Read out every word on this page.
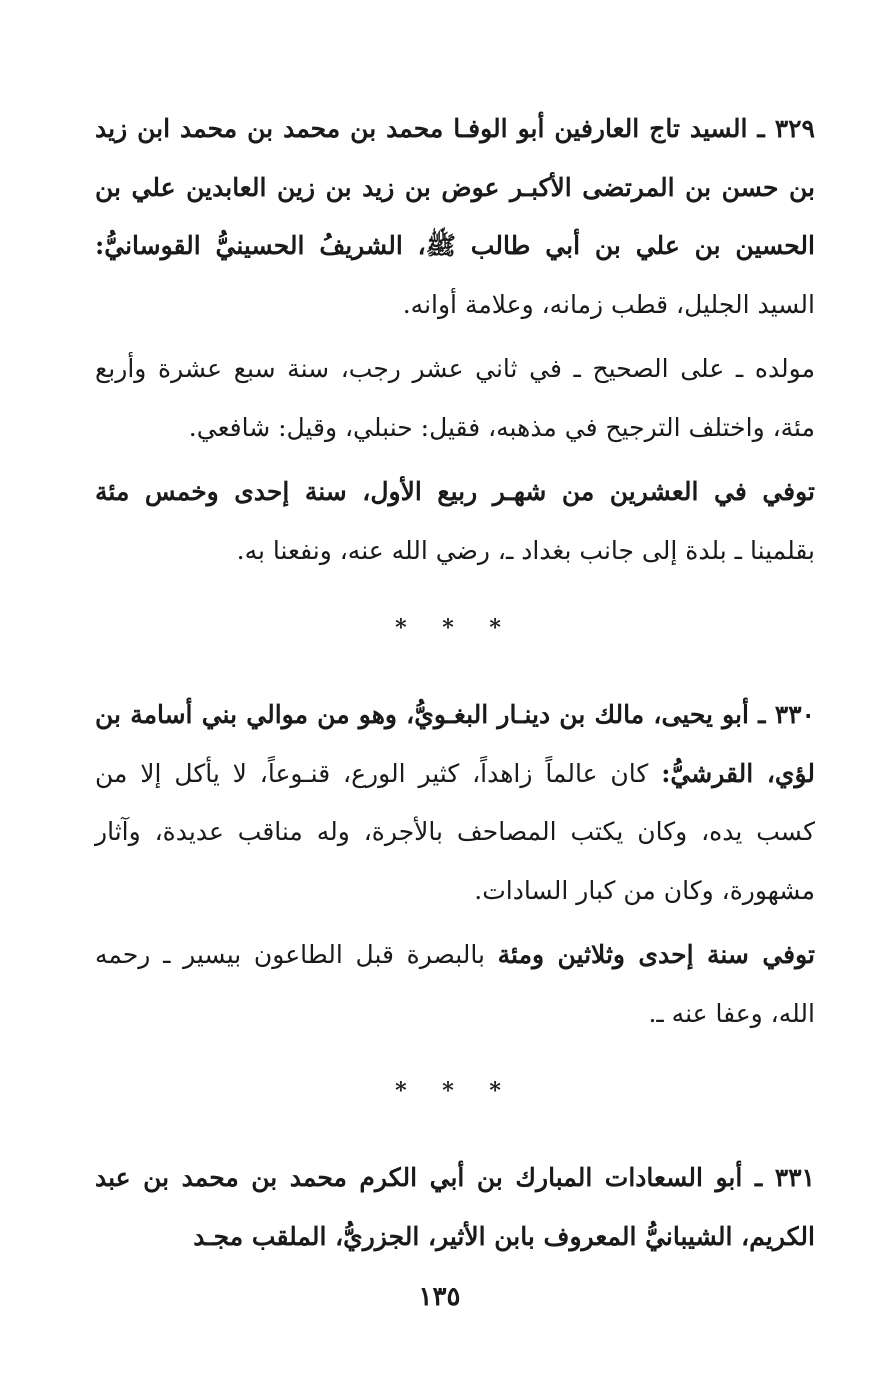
٣٢٩ ـ السيد تاج العارفين أبو الوفـا محمد بن محمد بن محمد ابن زيد بن حسن بن المرتضى الأكبـر عوض بن زيد بن زين العابدين علي بن الحسين بن علي بن أبي طالب ﷺ، الشريفُ الحسينيُّ القوسانيُّ: السيد الجليل، قطب زمانه، وعلامة أوانه.

مولده ـ على الصحيح ـ في ثاني عشر رجب، سنة سبع عشرة وأربع مئة، واختلف الترجيح في مذهبه، فقيل: حنبلي، وقيل: شافعي.

توفي في العشرين من شهـر ربيع الأول، سنة إحدى وخمس مئة بقلمينا ـ بلدة إلى جانب بغداد ـ، رضي الله عنه، ونفعنا به.

* * *

٣٣٠ ـ أبو يحيى، مالك بن دينـار البغـويُّ، وهو من موالي بني أسامة بن لؤي، القرشيُّ: كان عالماً زاهداً، كثير الورع، قنـوعاً، لا يأكل إلا من كسب يده، وكان يكتب المصاحف بالأجرة، وله مناقب عديدة، وآثار مشهورة، وكان من كبار السادات.

توفي سنة إحدى وثلاثين ومئة بالبصرة قبل الطاعون بيسير ـ رحمه الله، وعفا عنه ـ.

* * *

٣٣١ ـ أبو السعادات المبارك بن أبي الكرم محمد بن محمد بن عبد الكريم، الشيبانيُّ المعروف بابن الأثير، الجزريُّ، الملقب مجـد

١٣٥
